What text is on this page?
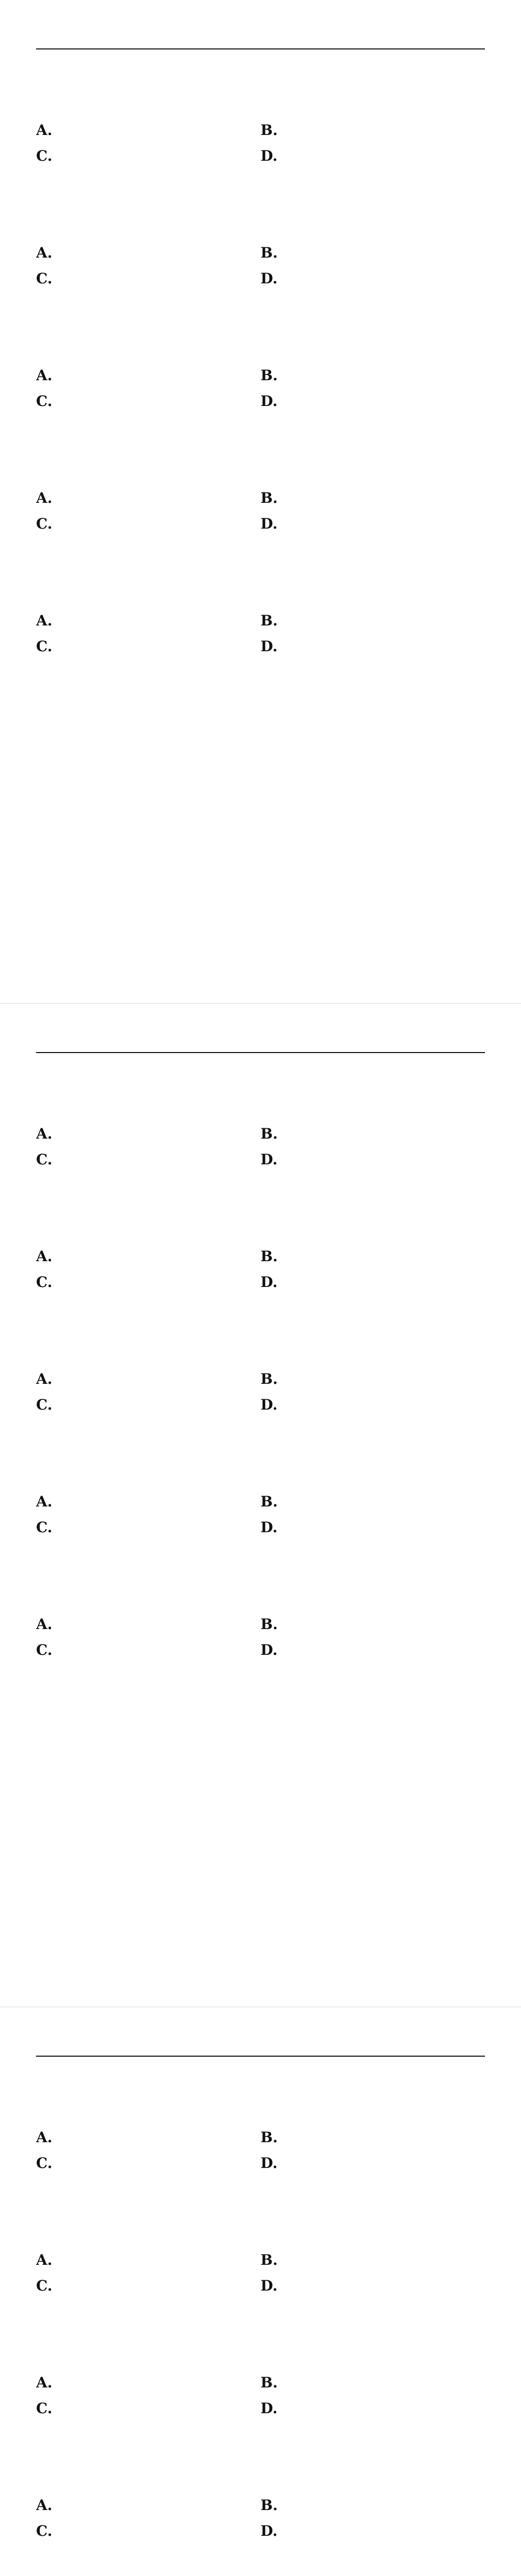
A.	B.
C.	D.
A.	B.
C.	D.
A.	B.
C.	D.
A.	B.
C.	D.
A.	B.
C.	D.
A.	B.
C.	D.
A.	B.
C.	D.
A.	B.
C.	D.
A.	B.
C.	D.
A.	B.
C.	D.
A.	B.
C.	D.
A.	B.
C.	D.
A.	B.
C.	D.
A.	B.
C.	D.
